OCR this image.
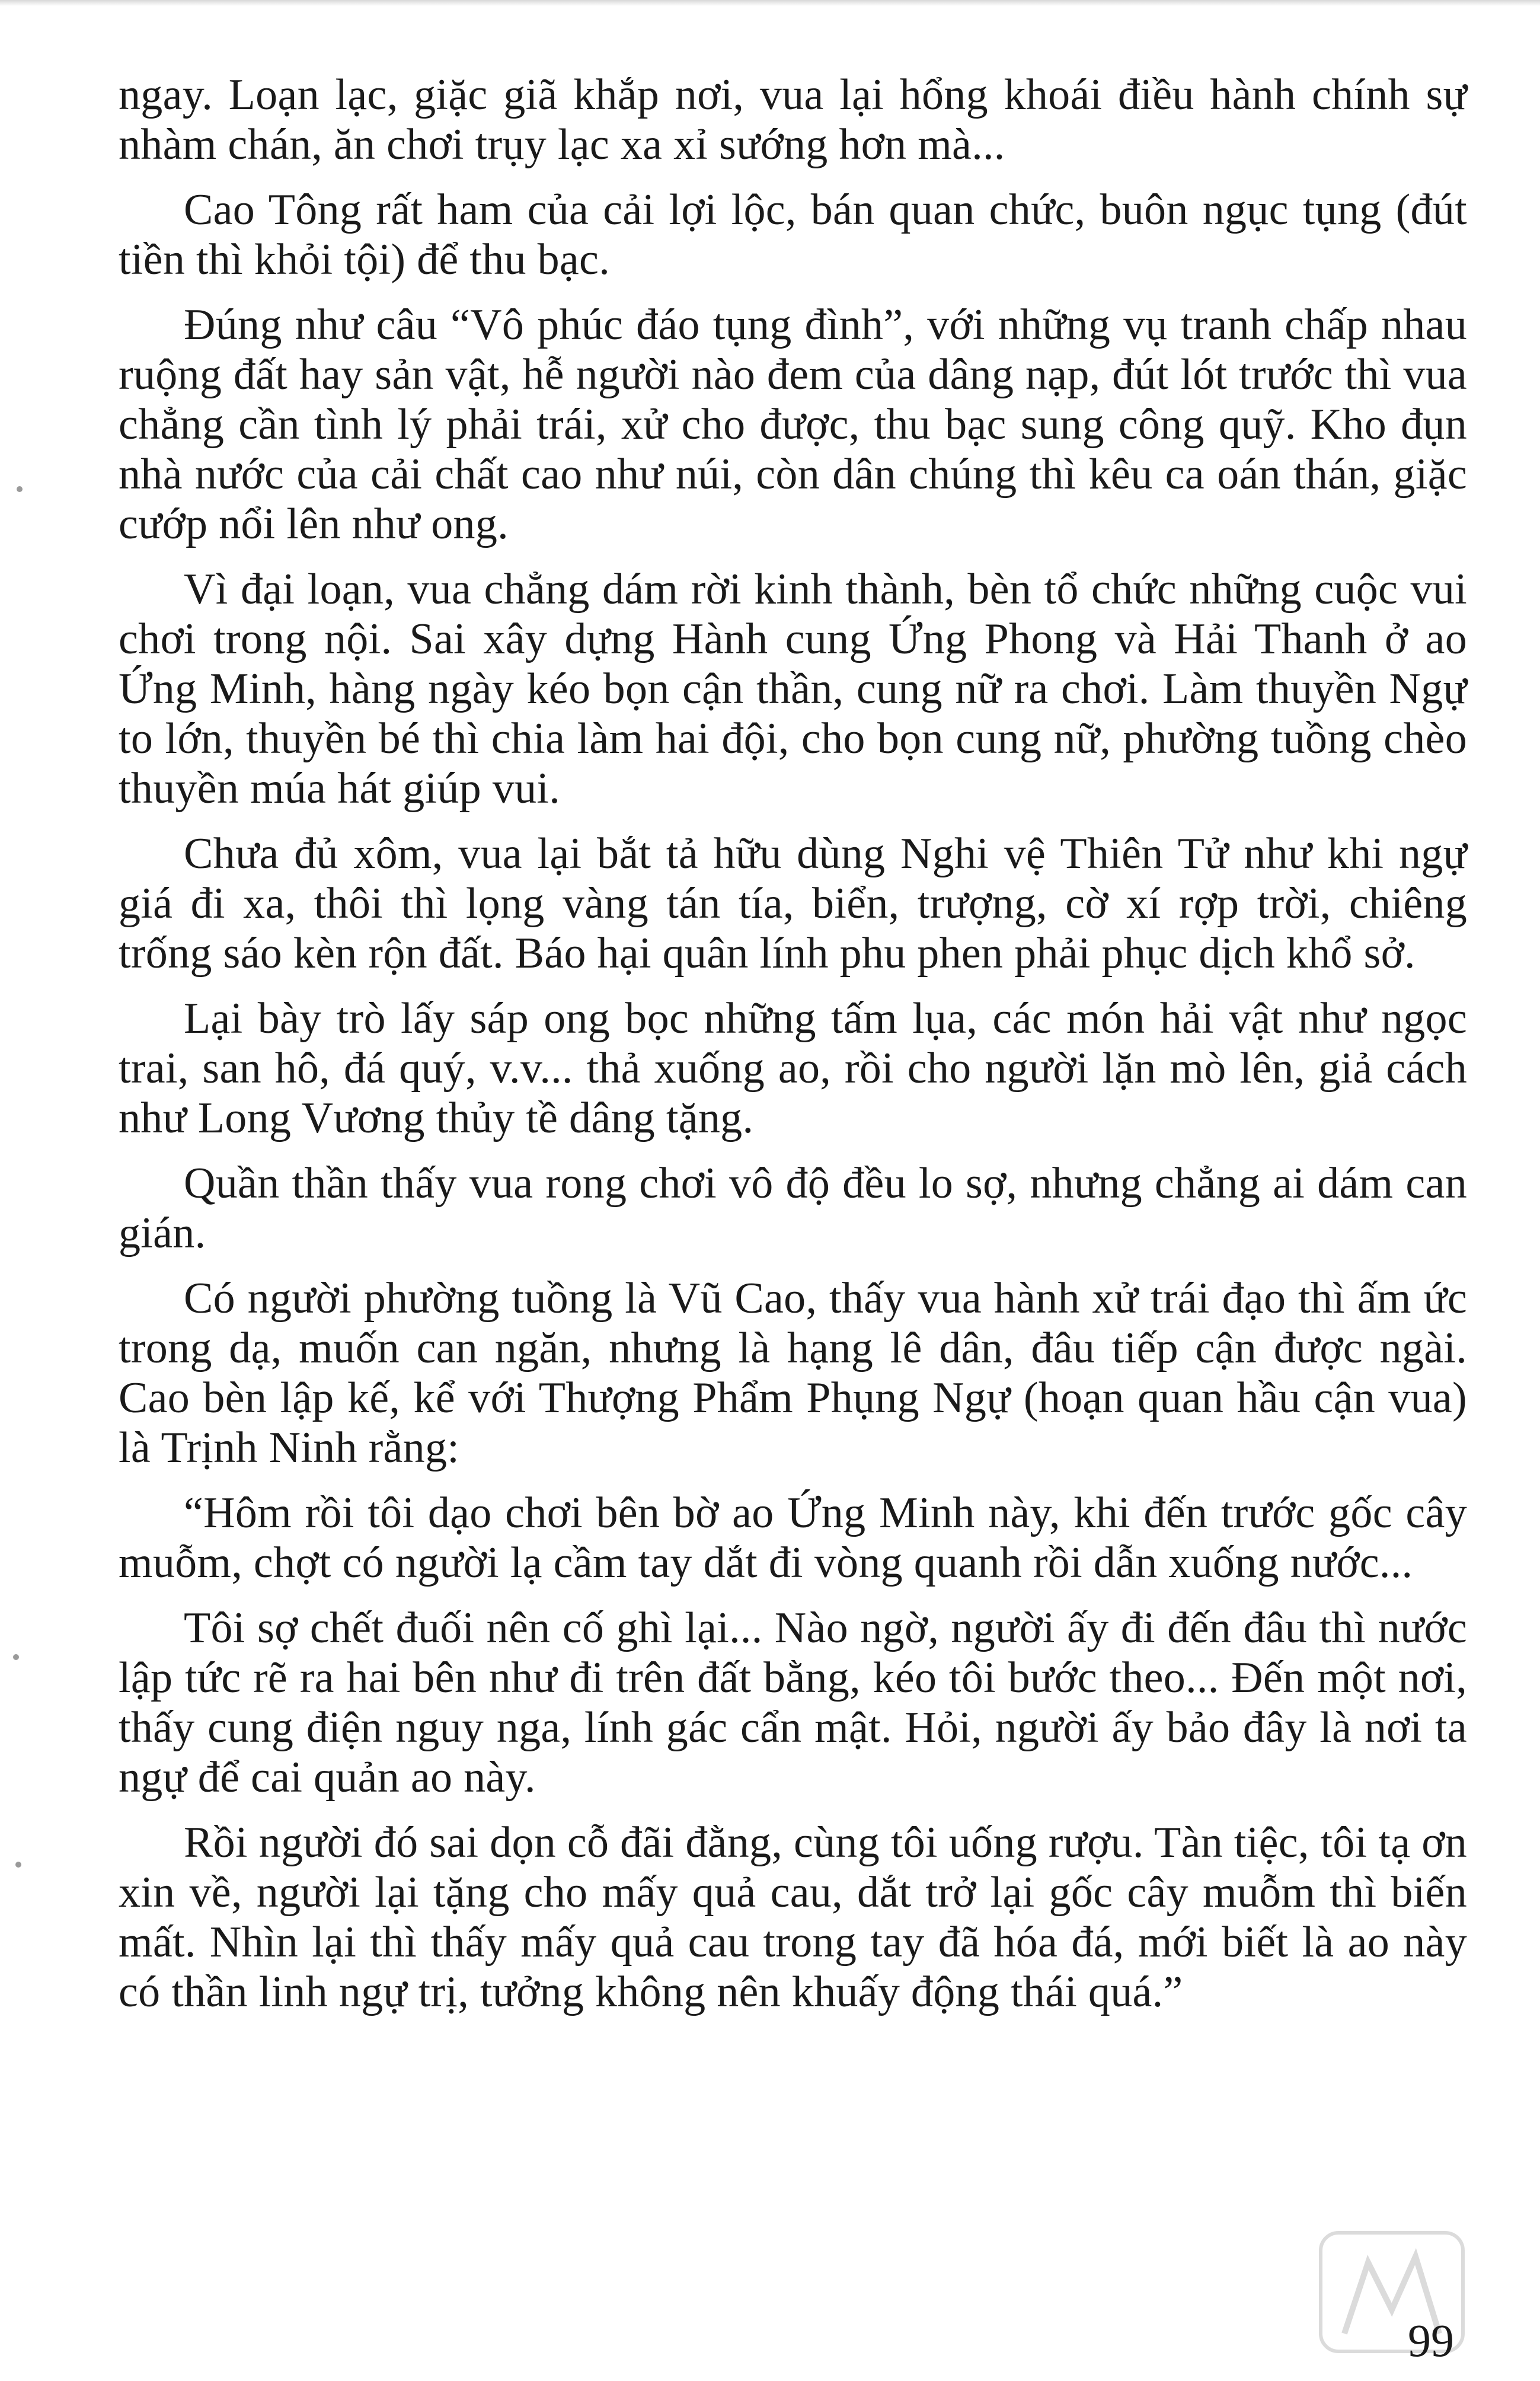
ngay. Loạn lạc, giặc giã khắp nơi, vua lại hổng khoái điều hành chính sự nhàm chán, ăn chơi trụy lạc xa xỉ sướng hơn mà...

Cao Tông rất ham của cải lợi lộc, bán quan chức, buôn ngục tụng (đút tiền thì khỏi tội) để thu bạc.

Đúng như câu “Vô phúc đáo tụng đình”, với những vụ tranh chấp nhau ruộng đất hay sản vật, hễ người nào đem của dâng nạp, đút lót trước thì vua chẳng cần tình lý phải trái, xử cho được, thu bạc sung công quỹ. Kho đụn nhà nước của cải chất cao như núi, còn dân chúng thì kêu ca oán thán, giặc cướp nổi lên như ong.

Vì đại loạn, vua chẳng dám rời kinh thành, bèn tổ chức những cuộc vui chơi trong nội. Sai xây dựng Hành cung Ứng Phong và Hải Thanh ở ao Ứng Minh, hàng ngày kéo bọn cận thần, cung nữ ra chơi. Làm thuyền Ngự to lớn, thuyền bé thì chia làm hai đội, cho bọn cung nữ, phường tuồng chèo thuyền múa hát giúp vui.

Chưa đủ xôm, vua lại bắt tả hữu dùng Nghi vệ Thiên Tử như khi ngự giá đi xa, thôi thì lọng vàng tán tía, biển, trượng, cờ xí rợp trời, chiêng trống sáo kèn rộn đất. Báo hại quân lính phu phen phải phục dịch khổ sở.

Lại bày trò lấy sáp ong bọc những tấm lụa, các món hải vật như ngọc trai, san hô, đá quý, v.v... thả xuống ao, rồi cho người lặn mò lên, giả cách như Long Vương thủy tề dâng tặng.

Quần thần thấy vua rong chơi vô độ đều lo sợ, nhưng chẳng ai dám can gián.

Có người phường tuồng là Vũ Cao, thấy vua hành xử trái đạo thì ấm ức trong dạ, muốn can ngăn, nhưng là hạng lê dân, đâu tiếp cận được ngài. Cao bèn lập kế, kể với Thượng Phẩm Phụng Ngự (hoạn quan hầu cận vua) là Trịnh Ninh rằng:

“Hôm rồi tôi dạo chơi bên bờ ao Ứng Minh này, khi đến trước gốc cây muỗm, chợt có người lạ cầm tay dắt đi vòng quanh rồi dẫn xuống nước...

Tôi sợ chết đuối nên cố ghì lại... Nào ngờ, người ấy đi đến đâu thì nước lập tức rẽ ra hai bên như đi trên đất bằng, kéo tôi bước theo... Đến một nơi, thấy cung điện nguy nga, lính gác cẩn mật. Hỏi, người ấy bảo đây là nơi ta ngự để cai quản ao này.

Rồi người đó sai dọn cỗ đãi đằng, cùng tôi uống rượu. Tàn tiệc, tôi tạ ơn xin về, người lại tặng cho mấy quả cau, dắt trở lại gốc cây muỗm thì biến mất. Nhìn lại thì thấy mấy quả cau trong tay đã hóa đá, mới biết là ao này có thần linh ngự trị, tưởng không nên khuấy động thái quá.”

99
